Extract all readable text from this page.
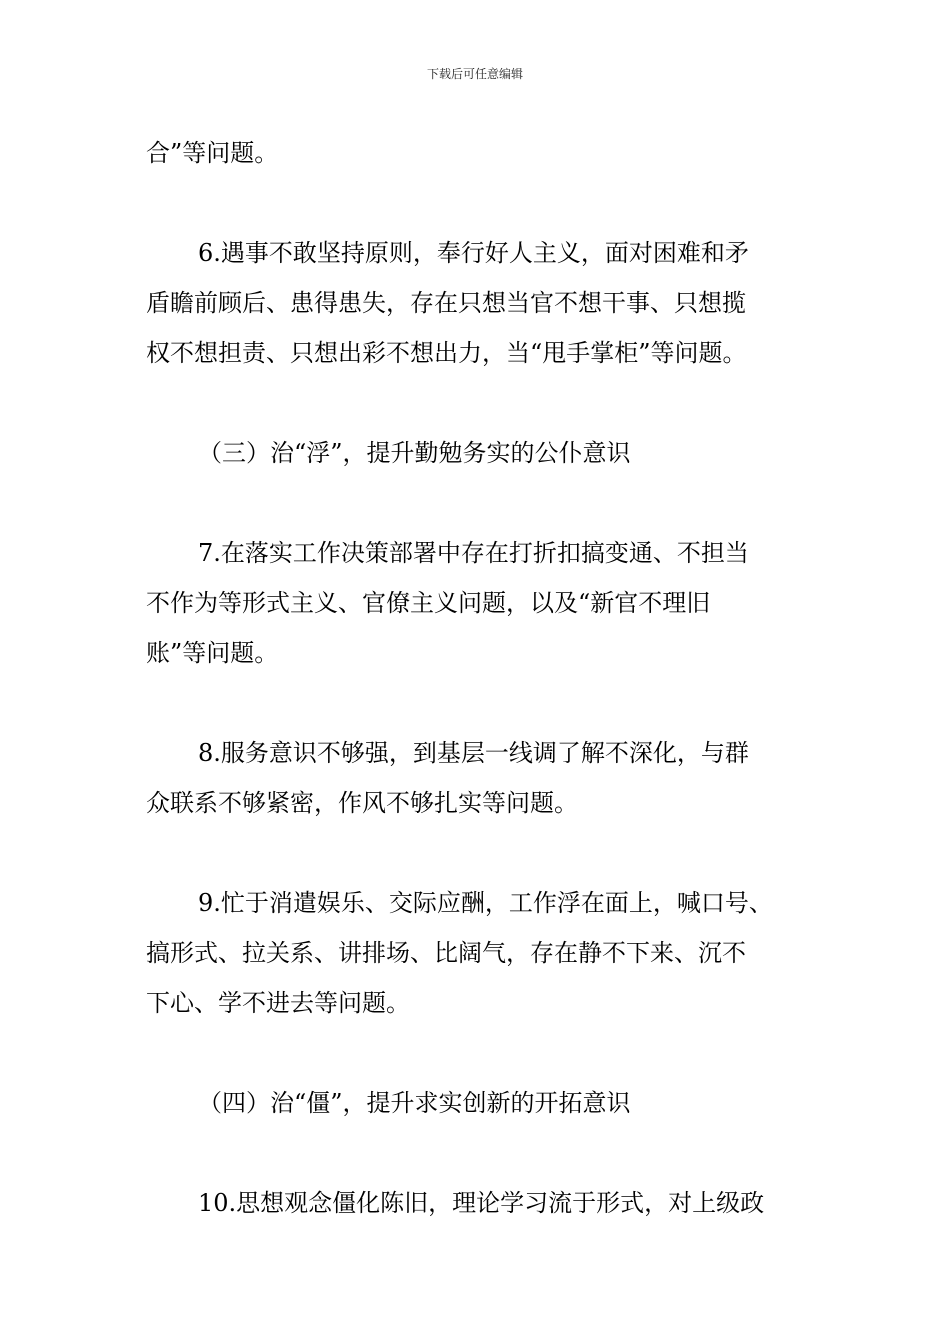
下载后可任意编辑

合”等问题。

6.遇事不敢坚持原则，奉行好人主义，面对困难和矛
盾瞻前顾后、患得患失，存在只想当官不想干事、只想揽
权不想担责、只想出彩不想出力，当“甩手掌柜”等问题。

（三）治“浮”，提升勤勉务实的公仆意识

7.在落实工作决策部署中存在打折扣搞变通、不担当
不作为等形式主义、官僚主义问题，以及“新官不理旧
账”等问题。

8.服务意识不够强，到基层一线调了解不深化，与群
众联系不够紧密，作风不够扎实等问题。

9.忙于消遣娱乐、交际应酬，工作浮在面上，喊口号、
搞形式、拉关系、讲排场、比阔气，存在静不下来、沉不
下心、学不进去等问题。

（四）治“僵”，提升求实创新的开拓意识

10.思想观念僵化陈旧，理论学习流于形式，对上级政
